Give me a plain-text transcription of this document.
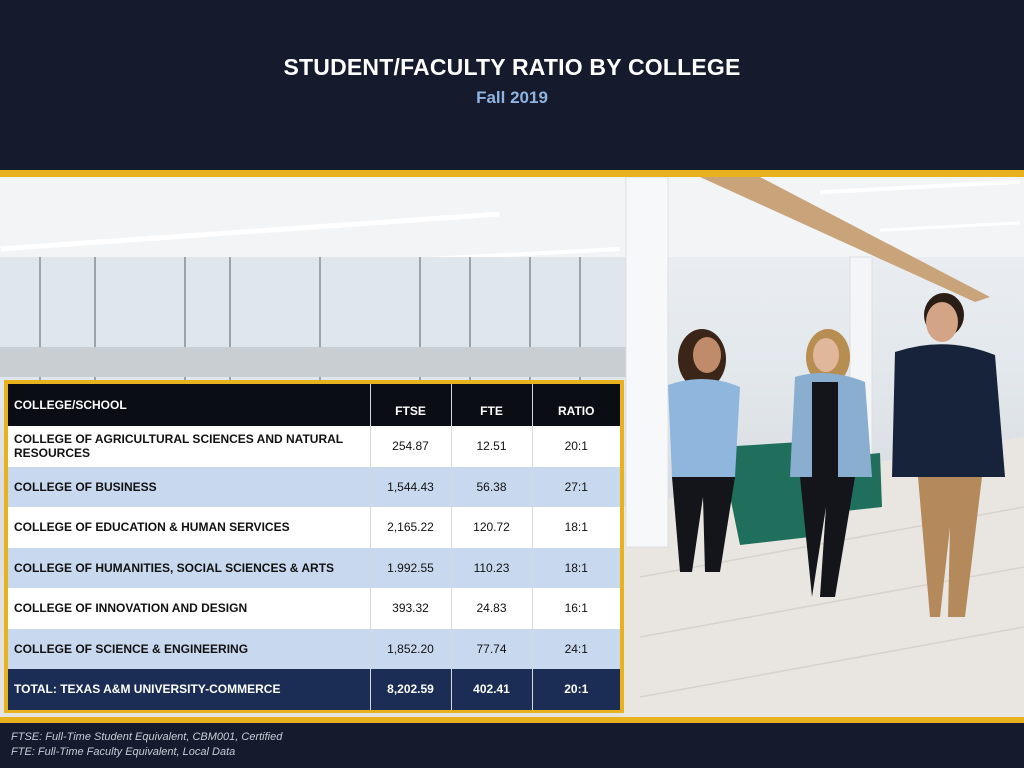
STUDENT/FACULTY RATIO BY COLLEGE
Fall 2019
COLLEGE/SCHOOL	FTSE	FTE	RATIO
COLLEGE OF AGRICULTURAL SCIENCES AND NATURAL RESOURCES	254.87	12.51	20:1
COLLEGE OF BUSINESS	1,544.43	56.38	27:1
COLLEGE OF EDUCATION & HUMAN SERVICES	2,165.22	120.72	18:1
COLLEGE OF HUMANITIES, SOCIAL SCIENCES & ARTS	1.992.55	110.23	18:1
COLLEGE OF INNOVATION AND DESIGN	393.32	24.83	16:1
COLLEGE OF SCIENCE & ENGINEERING	1,852.20	77.74	24:1
TOTAL: TEXAS A&M UNIVERSITY-COMMERCE	8,202.59	402.41	20:1
FTSE: Full-Time Student Equivalent, CBM001, Certified
FTE: Full-Time Faculty Equivalent, Local Data
